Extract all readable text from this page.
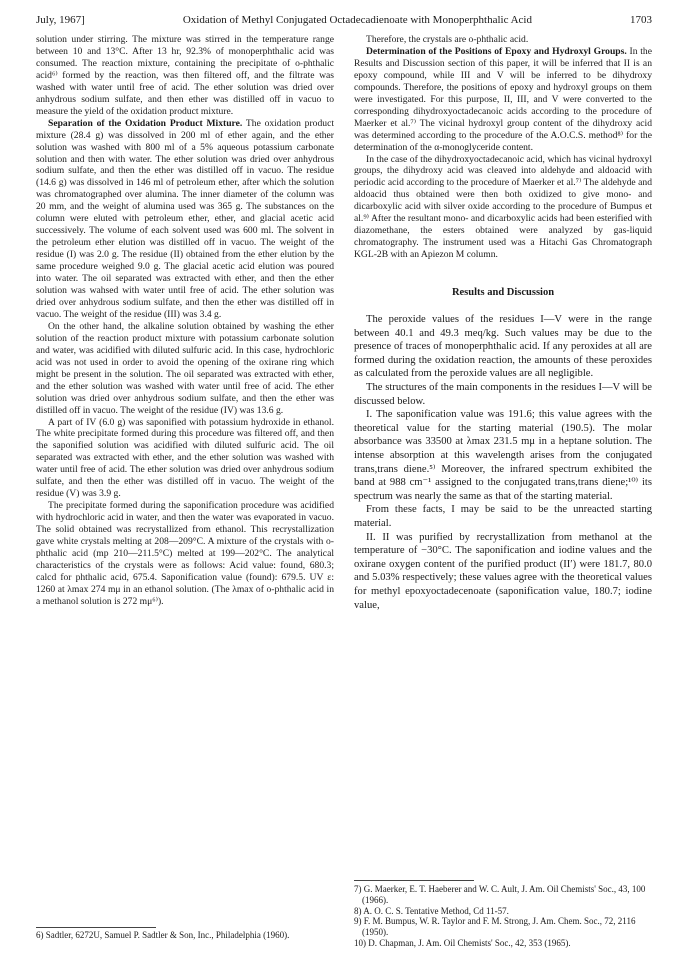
July, 1967]	Oxidation of Methyl Conjugated Octadecadienoate with Monoperphthalic Acid	1703

solution under stirring. The mixture was stirred in the temperature range between 10 and 13°C. After 13 hr, 92.3% of monoperphthalic acid was consumed. The reaction mixture, containing the precipitate of o-phthalic acid⁶⁾ formed by the reaction, was then filtered off, and the filtrate was washed with water until free of acid. The ether solution was dried over anhydrous sodium sulfate, and then ether was distilled off in vacuo to measure the yield of the oxidation product mixture.

Separation of the Oxidation Product Mixture. The oxidation product mixture (28.4 g) was dissolved in 200 ml of ether again, and the ether solution was washed with 800 ml of a 5% aqueous potassium carbonate solution and then with water. The ether solution was dried over anhydrous sodium sulfate, and then the ether was distilled off in vacuo. The residue (14.6 g) was dissolved in 146 ml of petroleum ether, after which the solution was chromatographed over alumina. The inner diameter of the column was 20 mm, and the weight of alumina used was 365 g. The substances on the column were eluted with petroleum ether, ether, and glacial acetic acid successively. The volume of each solvent used was 600 ml. The solvent in the petroleum ether elution was distilled off in vacuo. The weight of the residue (I) was 2.0 g. The residue (II) obtained from the ether elution by the same procedure weighed 9.0 g. The glacial acetic acid elution was poured into water. The oil separated was extracted with ether, and then the ether solution was wahsed with water until free of acid. The ether solution was dried over anhydrous sodium sulfate, and then the ether was distilled off in vacuo. The weight of the residue (III) was 3.4 g.

On the other hand, the alkaline solution obtained by washing the ether solution of the reaction product mixture with potassium carbonate solution and water, was acidified with diluted sulfuric acid. In this case, hydrochloric acid was not used in order to avoid the opening of the oxirane ring which might be present in the solution. The oil separated was extracted with ether, and the ether solution was washed with water until free of acid. The ether solution was dried over anhydrous sodium sulfate, and then the ether was distilled off in vacuo. The weight of the residue (IV) was 13.6 g.

A part of IV (6.0 g) was saponified with potassium hydroxide in ethanol. The white precipitate formed during this procedure was filtered off, and then the saponified solution was acidified with diluted sulfuric acid. The oil separated was extracted with ether, and the ether solution was washed with water until free of acid. The ether solution was dried over anhydrous sodium sulfate, and then the ether was distilled off in vacuo. The weight of the residue (V) was 3.9 g.

The precipitate formed during the saponification procedure was acidified with hydrochloric acid in water, and then the water was evaporated in vacuo. The solid obtained was recrystallized from ethanol. This recrystallization gave white crystals melting at 208—209°C. A mixture of the crystals with o-phthalic acid (mp 210—211.5°C) melted at 199—202°C. The analytical characteristics of the crystals were as follows: Acid value: found, 680.3; calcd for phthalic acid, 675.4. Saponification value (found): 679.5. UV ε: 1260 at λmax 274 mμ in an ethanol solution. (The λmax of o-phthalic acid in a methanol solution is 272 mμ⁶⁾).

6) Sadtler, 6272U, Samuel P. Sadtler & Son, Inc., Philadelphia (1960).

Therefore, the crystals are o-phthalic acid.

Determination of the Positions of Epoxy and Hydroxyl Groups. In the Results and Discussion section of this paper, it will be inferred that II is an epoxy compound, while III and V will be inferred to be dihydroxy compounds. Therefore, the positions of epoxy and hydroxyl groups on them were investigated. For this purpose, II, III, and V were converted to the corresponding dihydroxyoctadecanoic acids according to the procedure of Maerker et al.⁷⁾ The vicinal hydroxyl group content of the dihydroxy acid was determined according to the procedure of the A.O.C.S. method⁸⁾ for the determination of the α-monoglyceride content.

In the case of the dihydroxyoctadecanoic acid, which has vicinal hydroxyl groups, the dihydroxy acid was cleaved into aldehyde and aldoacid with periodic acid according to the procedure of Maerker et al.⁷⁾ The aldehyde and aldoacid thus obtained were then both oxidized to give mono- and dicarboxylic acid with silver oxide according to the procedure of Bumpus et al.⁹⁾ After the resultant mono- and dicarboxylic acids had been esterified with diazomethane, the esters obtained were analyzed by gas-liquid chromatography. The instrument used was a Hitachi Gas Chromatograph KGL-2B with an Apiezon M column.

Results and Discussion

The peroxide values of the residues I—V were in the range between 40.1 and 49.3 meq/kg. Such values may be due to the presence of traces of monoperphthalic acid. If any peroxides at all are formed during the oxidation reaction, the amounts of these peroxides as calculated from the peroxide values are all negligible.

The structures of the main components in the residues I—V will be discussed below.

I. The saponification value was 191.6; this value agrees with the theoretical value for the starting material (190.5). The molar absorbance was 33500 at λmax 231.5 mμ in a heptane solution. The intense absorption at this wavelength arises from the conjugated trans,trans diene.⁵⁾ Moreover, the infrared spectrum exhibited the band at 988 cm⁻¹ assigned to the conjugated trans,trans diene;¹⁰⁾ its spectrum was nearly the same as that of the starting material.

From these facts, I may be said to be the unreacted starting material.

II. II was purified by recrystallization from methanol at the temperature of −30°C. The saponification and iodine values and the oxirane oxygen content of the purified product (II′) were 181.7, 80.0 and 5.03% respectively; these values agree with the theoretical values for methyl epoxyoctadecenoate (saponification value, 180.7; iodine value,

7) G. Maerker, E. T. Haeberer and W. C. Ault, J. Am. Oil Chemists' Soc., 43, 100 (1966).

8) A. O. C. S. Tentative Method, Cd 11-57.

9) F. M. Bumpus, W. R. Taylor and F. M. Strong, J. Am. Chem. Soc., 72, 2116 (1950).

10) D. Chapman, J. Am. Oil Chemists' Soc., 42, 353 (1965).
